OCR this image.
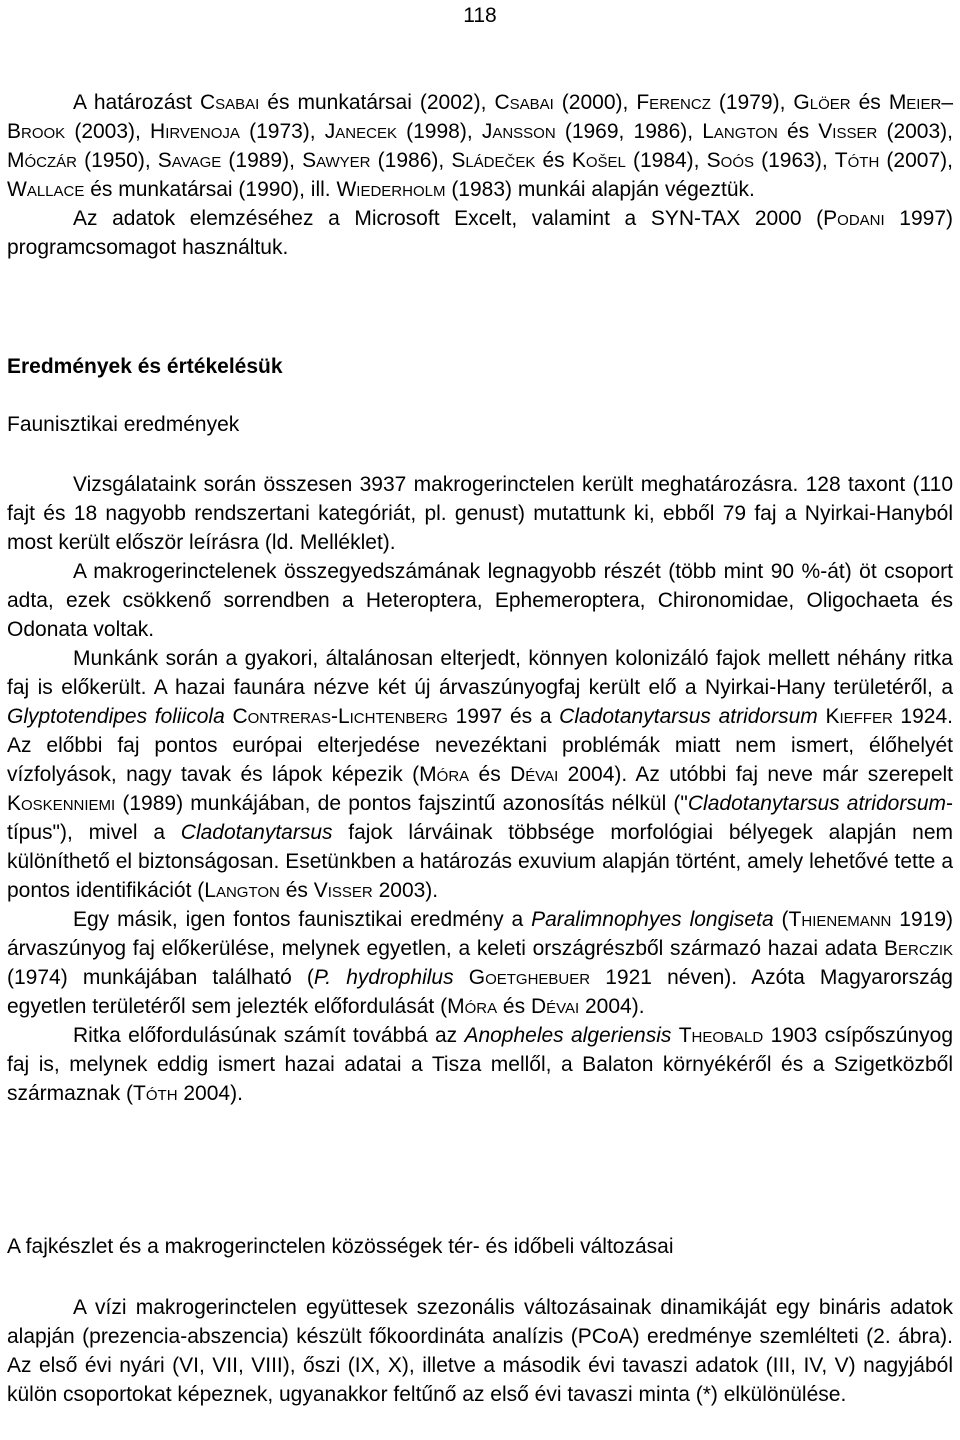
118

A határozást Csabai és munkatársai (2002), Csabai (2000), Ferencz (1979), Glöer és Meier–Brook (2003), Hirvenoja (1973), Janecek (1998), Jansson (1969, 1986), Langton és Visser (2003), Móczár (1950), Savage (1989), Sawyer (1986), Sládeček és Košel (1984), Soós (1963), Tóth (2007), Wallace és munkatársai (1990), ill. Wiederholm (1983) munkái alapján végeztük.

Az adatok elemzéséhez a Microsoft Excelt, valamint a SYN-TAX 2000 (Podani 1997) programcsomagot használtuk.

Eredmények és értékelésük
Faunisztikai eredmények

Vizsgálataink során összesen 3937 makrogerinctelen került meghatározásra. 128 taxont (110 fajt és 18 nagyobb rendszertani kategóriát, pl. genust) mutattunk ki, ebből 79 faj a Nyirkai-Hanyból most került először leírásra (ld. Melléklet).

A makrogerinctelenek összegyedszámának legnagyobb részét (több mint 90 %-át) öt csoport adta, ezek csökkenő sorrendben a Heteroptera, Ephemeroptera, Chironomidae, Oligochaeta és Odonata voltak.

Munkánk során a gyakori, általánosan elterjedt, könnyen kolonizáló fajok mellett néhány ritka faj is előkerült. A hazai faunára nézve két új árvaszúnyogfaj került elő a Nyirkai-Hany területéről, a Glyptotendipes foliicola Contreras-Lichtenberg 1997 és a Cladotanytarsus atridorsum Kieffer 1924. Az előbbi faj pontos európai elterjedése nevezéktani problémák miatt nem ismert, élőhelyét vízfolyások, nagy tavak és lápok képezik (Móra és Dévai 2004). Az utóbbi faj neve már szerepelt Koskenniemi (1989) munkájában, de pontos fajszintű azonosítás nélkül ("Cladotanytarsus atridorsum-típus"), mivel a Cladotanytarsus fajok lárváinak többsége morfológiai bélyegek alapján nem különíthető el biztonságosan. Esetünkben a határozás exuvium alapján történt, amely lehetővé tette a pontos identifikációt (Langton és Visser 2003).

Egy másik, igen fontos faunisztikai eredmény a Paralimnophyes longiseta (Thienemann 1919) árvaszúnyog faj előkerülése, melynek egyetlen, a keleti országrészből származó hazai adata Berczik (1974) munkájában található (P. hydrophilus Goetghebuer 1921 néven). Azóta Magyarország egyetlen területéről sem jelezték előfordulását (Móra és Dévai 2004).

Ritka előfordulásúnak számít továbbá az Anopheles algeriensis Theobald 1903 csípőszúnyog faj is, melynek eddig ismert hazai adatai a Tisza mellől, a Balaton környékéről és a Szigetközből származnak (Tóth 2004).

A fajkészlet és a makrogerinctelen közösségek tér- és időbeli változásai

A vízi makrogerinctelen együttesek szezonális változásainak dinamikáját egy bináris adatok alapján (prezencia-abszencia) készült főkoordináta analízis (PCoA) eredménye szemlélteti (2. ábra). Az első évi nyári (VI, VII, VIII), őszi (IX, X), illetve a második évi tavaszi adatok (III, IV, V) nagyjából külön csoportokat képeznek, ugyanakkor feltűnő az első évi tavaszi minta (*) elkülönülése.
